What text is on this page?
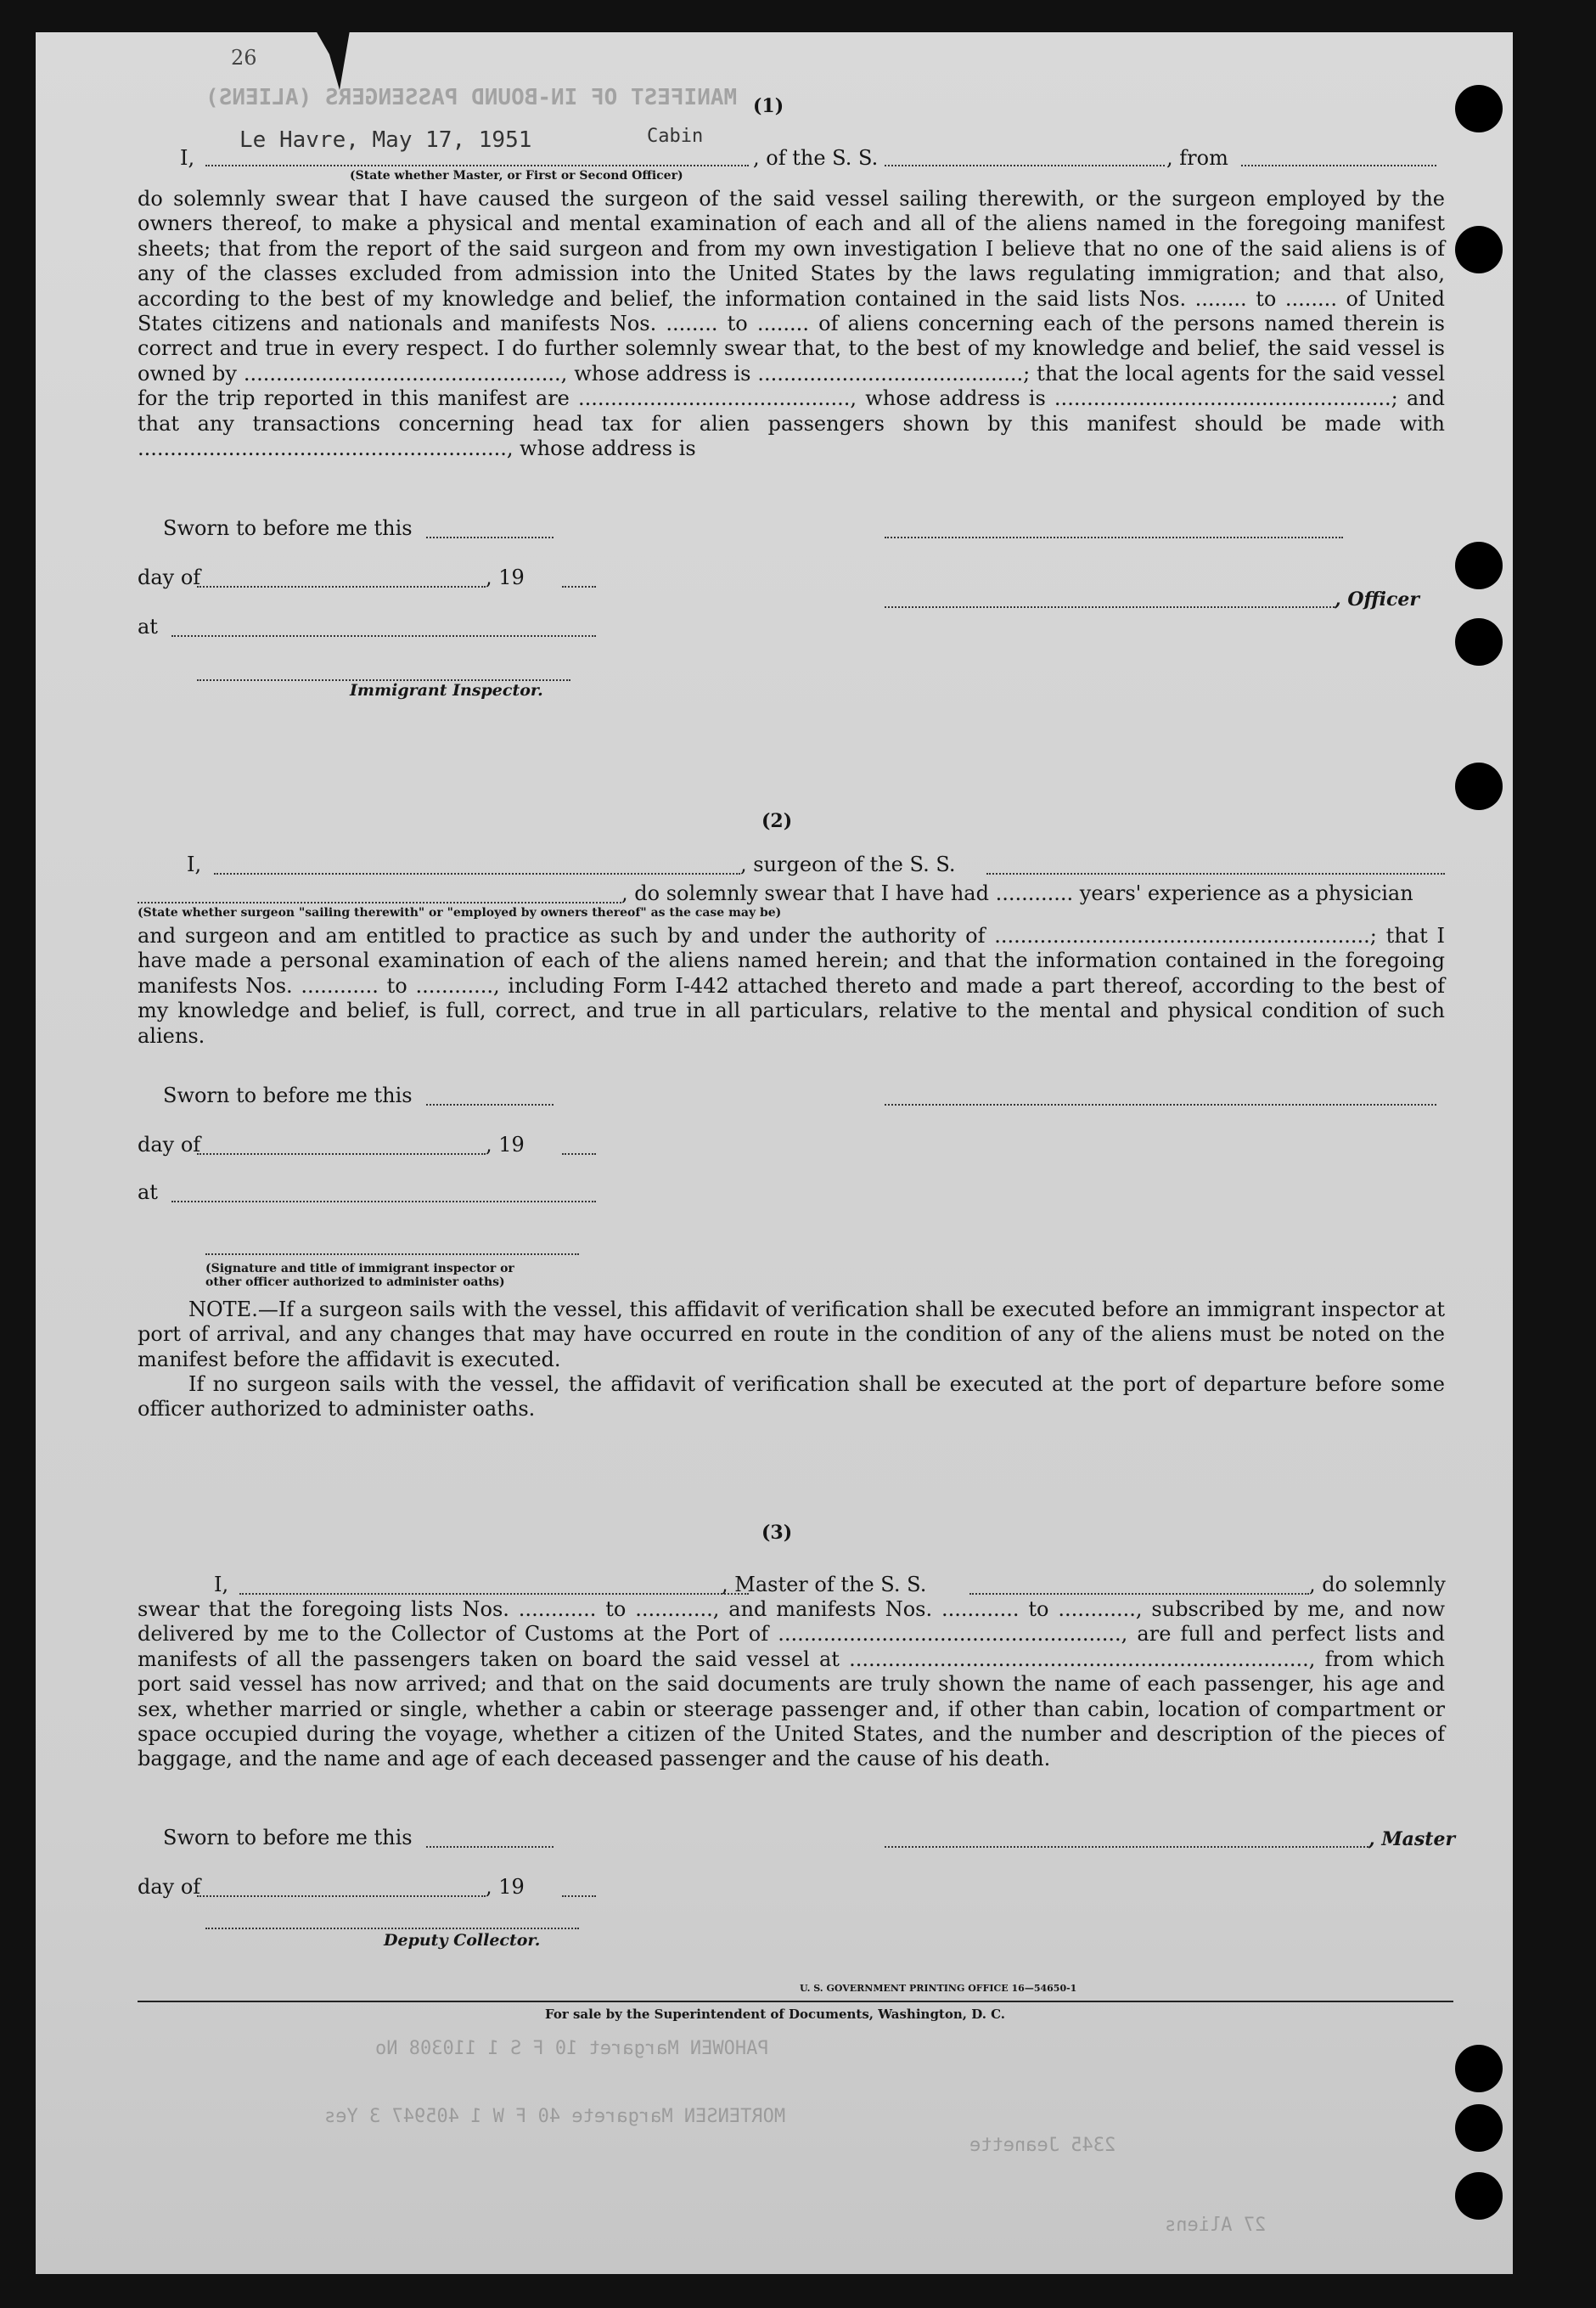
26
MANIFEST OF IN-BOUND PASSENGERS (ALIENS)
Cabin
Le Havre, May 17, 1951
(1)
I,	, of the S. S.	, from
(State whether Master, or First or Second Officer)
do solemnly swear that I have caused the surgeon of the said vessel sailing therewith, or the surgeon employed by the owners thereof, to make a physical and mental examination of each and all of the aliens named in the foregoing manifest sheets; that from the report of the said surgeon and from my own investigation I believe that no one of the said aliens is of any of the classes excluded from admission into the United States by the laws regulating immigration; and that also, according to the best of my knowledge and belief, the information contained in the said lists Nos. ........ to ........ of United States citizens and nationals and manifests Nos. ........ to ........ of aliens concerning each of the persons named therein is correct and true in every respect. I do further solemnly swear that, to the best of my knowledge and belief, the said vessel is owned by ................................................., whose address is .........................................; that the local agents for the said vessel for the trip reported in this manifest are .........................................., whose address is ....................................................; and that any transactions concerning head tax for alien passengers shown by this manifest should be made with ........................................................., whose address is
Sworn to before me this
day of	, 19
, Officer
at
Immigrant Inspector.
(2)
I,	, surgeon of the S. S.
, do solemnly swear that I have had ............ years' experience as a physician
(State whether surgeon "sailing therewith" or "employed by owners thereof" as the case may be)
and surgeon and am entitled to practice as such by and under the authority of ..........................................................; that I have made a personal examination of each of the aliens named herein; and that the information contained in the foregoing manifests Nos. ............ to ............, including Form I-442 attached thereto and made a part thereof, according to the best of my knowledge and belief, is full, correct, and true in all particulars, relative to the mental and physical condition of such aliens.
Sworn to before me this
day of	, 19
at
(Signature and title of immigrant inspector or
other officer authorized to administer oaths)
NOTE.—If a surgeon sails with the vessel, this affidavit of verification shall be executed before an immigrant inspector at port of arrival, and any changes that may have occurred en route in the condition of any of the aliens must be noted on the manifest before the affidavit is executed.
If no surgeon sails with the vessel, the affidavit of verification shall be executed at the port of departure before some officer authorized to administer oaths.
(3)
I,	, Master of the S. S.	, do solemnly
swear that the foregoing lists Nos. ............ to ............, and manifests Nos. ............ to ............, subscribed by me, and now delivered by me to the Collector of Customs at the Port of ....................................................., are full and perfect lists and manifests of all the passengers taken on board the said vessel at ......................................................................., from which port said vessel has now arrived; and that on the said documents are truly shown the name of each passenger, his age and sex, whether married or single, whether a cabin or steerage passenger and, if other than cabin, location of compartment or space occupied during the voyage, whether a citizen of the United States, and the number and description of the pieces of baggage, and the name and age of each deceased passenger and the cause of his death.
Sworn to before me this	, Master
day of	, 19
Deputy Collector.
U. S. GOVERNMENT PRINTING OFFICE 16—54650-1
For sale by the Superintendent of Documents, Washington, D. C.
PAHOWEN Margaret 10 F S 1 110308 No
MORTENSEN Margarete 40 F W 1 405947 3 Yes
2345 Jeanette
27 Aliens
